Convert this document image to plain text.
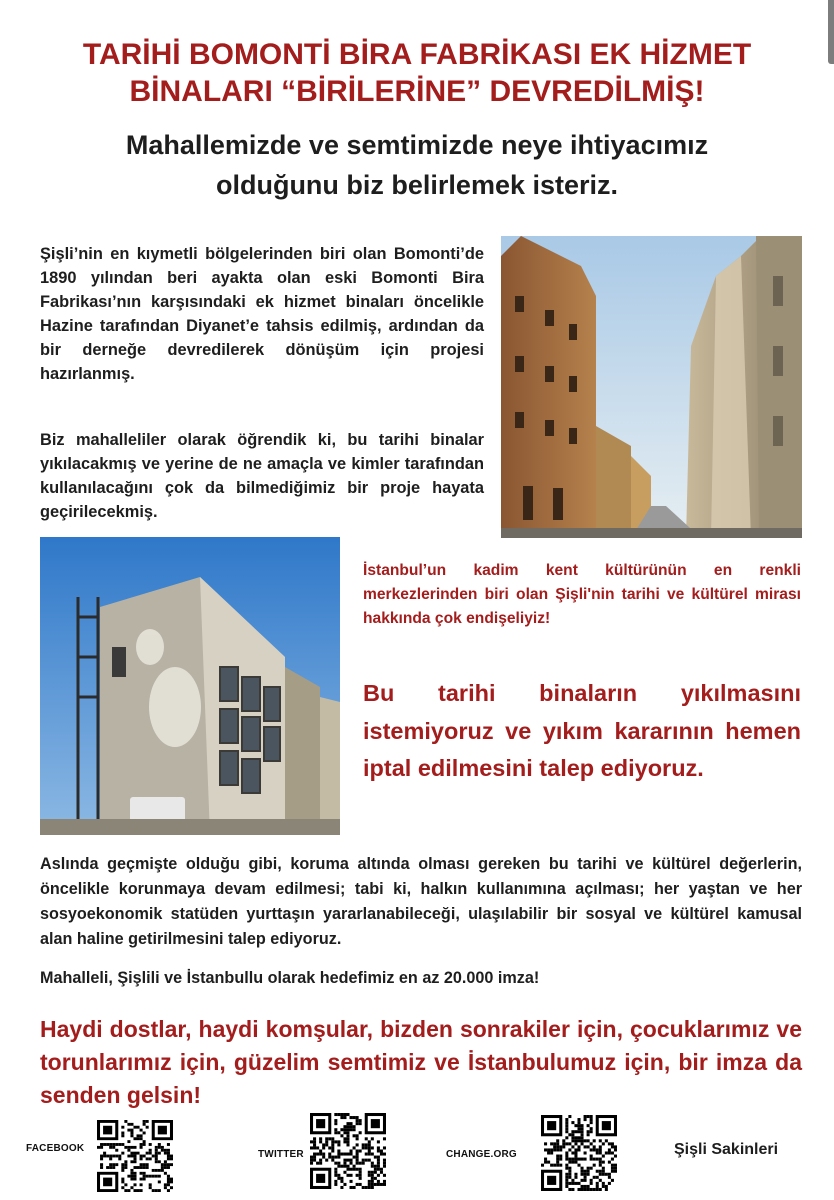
TARİHİ BOMONTİ BİRA FABRİKASI EK HİZMET
BİNALARI “BİRİLERİNE” DEVREDİLMİŞ!
Mahallemizde ve semtimizde neye ihtiyacımız
olduğunu biz belirlemek isteriz.

Şişli’nin en kıymetli bölgelerinden biri olan Bomonti’de 1890 yılından beri ayakta olan eski Bomonti Bira Fabrikası’nın karşısındaki ek hizmet binaları öncelikle Hazine tarafından Diyanet’e tahsis edilmiş, ardından da bir derneğe devredilerek dönüşüm için projesi hazırlanmış.

Biz mahalleliler olarak öğrendik ki, bu tarihi binalar yıkılacakmış ve yerine de ne amaçla ve kimler tarafından kullanılacağını çok da bilmediğimiz bir proje hayata geçirilecekmiş.

İstanbul’un kadim kent kültürünün en renkli merkezlerinden biri olan Şişli'nin tarihi ve kültürel mirası hakkında çok endişeliyiz!

Bu tarihi binaların yıkılmasını istemiyoruz ve yıkım kararının hemen iptal edilmesini talep ediyoruz.

Aslında geçmişte olduğu gibi, koruma altında olması gereken bu tarihi ve kültürel değerlerin, öncelikle korunmaya devam edilmesi; tabi ki, halkın kullanımına açılması; her yaştan ve her sosyoekonomik statüden yurttaşın yararlanabileceği, ulaşılabilir bir sosyal ve kültürel kamusal alan haline getirilmesini talep ediyoruz.

Mahalleli, Şişlili ve İstanbullu olarak hedefimiz en az 20.000 imza!

Haydi dostlar, haydi komşular, bizden sonrakiler için, çocuklarımız ve torunlarımız için, güzelim semtimiz ve İstanbulumuz için, bir imza da senden gelsin!

FACEBOOK
TWITTER	CHANGE.ORG	Şişli Sakinleri
